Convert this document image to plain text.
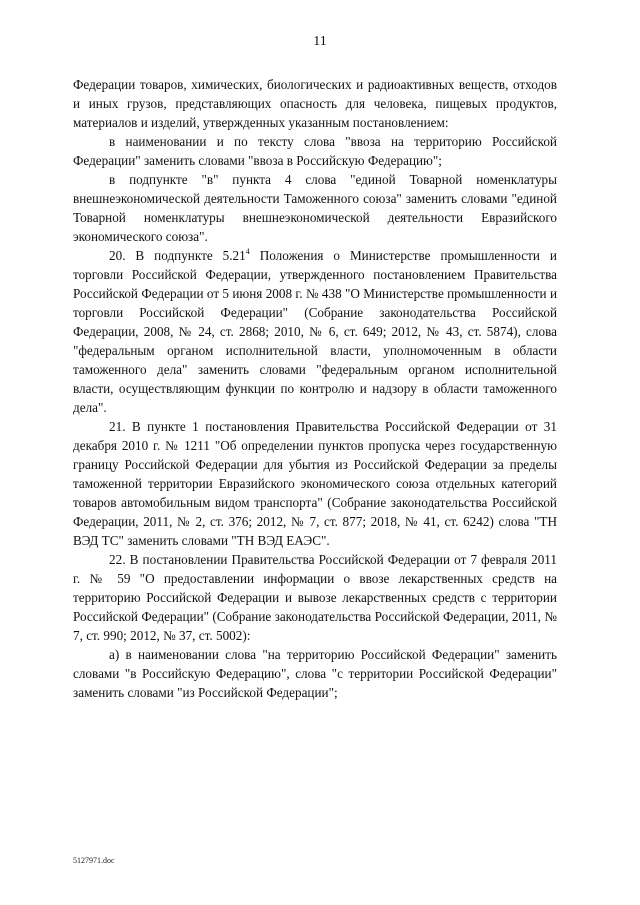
11

Федерации товаров, химических, биологических и радиоактивных веществ, отходов и иных грузов, представляющих опасность для человека, пищевых продуктов, материалов и изделий, утвержденных указанным постановлением:

в наименовании и по тексту слова "ввоза на территорию Российской Федерации" заменить словами "ввоза в Российскую Федерацию";

в подпункте "в" пункта 4 слова "единой Товарной номенклатуры внешнеэкономической деятельности Таможенного союза" заменить словами "единой Товарной номенклатуры внешнеэкономической деятельности Евразийского экономического союза".

20. В подпункте 5.21$^4$ Положения о Министерстве промышленности и торговли Российской Федерации, утвержденного постановлением Правительства Российской Федерации от 5 июня 2008 г. № 438 "О Министерстве промышленности и торговли Российской Федерации" (Собрание законодательства Российской Федерации, 2008, № 24, ст. 2868; 2010, № 6, ст. 649; 2012, № 43, ст. 5874), слова "федеральным органом исполнительной власти, уполномоченным в области таможенного дела" заменить словами "федеральным органом исполнительной власти, осуществляющим функции по контролю и надзору в области таможенного дела".

21. В пункте 1 постановления Правительства Российской Федерации от 31 декабря 2010 г. № 1211 "Об определении пунктов пропуска через государственную границу Российской Федерации для убытия из Российской Федерации за пределы таможенной территории Евразийского экономического союза отдельных категорий товаров автомобильным видом транспорта" (Собрание законодательства Российской Федерации, 2011, № 2, ст. 376; 2012, № 7, ст. 877; 2018, № 41, ст. 6242) слова "ТН ВЭД ТС" заменить словами "ТН ВЭД ЕАЭС".

22. В постановлении Правительства Российской Федерации от 7 февраля 2011 г. № 59 "О предоставлении информации о ввозе лекарственных средств на территорию Российской Федерации и вывозе лекарственных средств с территории Российской Федерации" (Собрание законодательства Российской Федерации, 2011, № 7, ст. 990; 2012, № 37, ст. 5002):

а) в наименовании слова "на территорию Российской Федерации" заменить словами "в Российскую Федерацию", слова "с территории Российской Федерации" заменить словами "из Российской Федерации";

5127971.doc
